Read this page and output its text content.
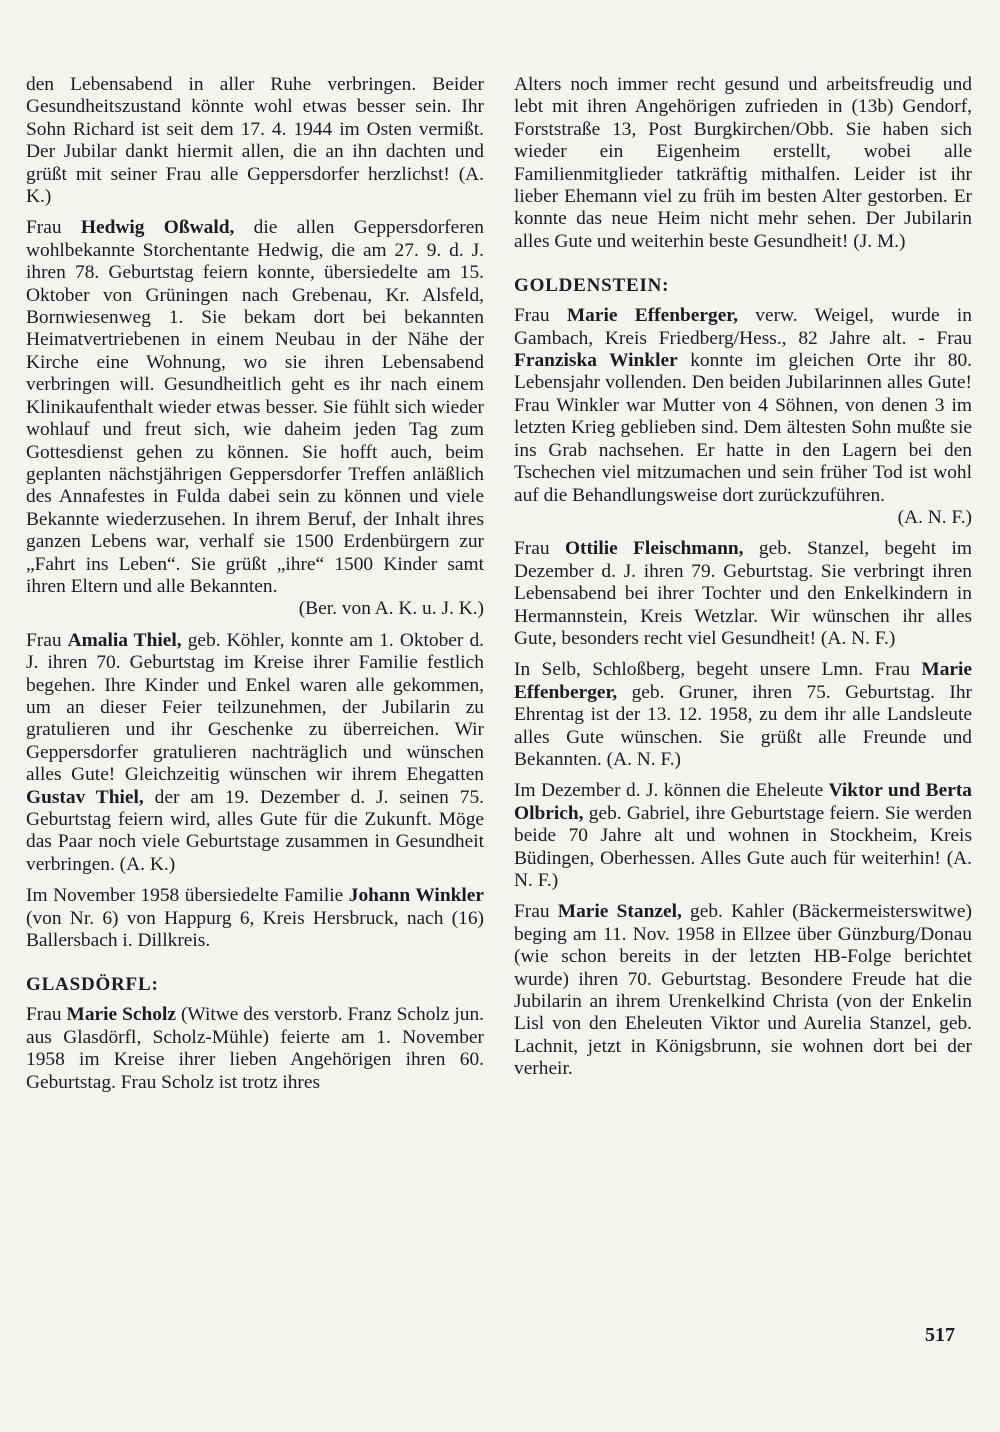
den Lebensabend in aller Ruhe verbringen. Beider Gesundheitszustand könnte wohl etwas besser sein. Ihr Sohn Richard ist seit dem 17. 4. 1944 im Osten vermißt. Der Jubilar dankt hiermit allen, die an ihn dachten und grüßt mit seiner Frau alle Geppersdorfer herzlichst! (A. K.)

Frau Hedwig Oßwald, die allen Geppersdorferen wohlbekannte Storchentante Hedwig, die am 27. 9. d. J. ihren 78. Geburtstag feiern konnte, übersiedelte am 15. Oktober von Grüningen nach Grebenau, Kr. Alsfeld, Bornwiesenweg 1. Sie bekam dort bei bekannten Heimatvertriebenen in einem Neubau in der Nähe der Kirche eine Wohnung, wo sie ihren Lebensabend verbringen will. Gesundheitlich geht es ihr nach einem Klinikaufenthalt wieder etwas besser. Sie fühlt sich wieder wohlauf und freut sich, wie daheim jeden Tag zum Gottesdienst gehen zu können. Sie hofft auch, beim geplanten nächstjährigen Geppersdorfer Treffen anläßlich des Annafestes in Fulda dabei sein zu können und viele Bekannte wiederzusehen. In ihrem Beruf, der Inhalt ihres ganzen Lebens war, verhalf sie 1500 Erdenbürgern zur „Fahrt ins Leben“. Sie grüßt „ihre“ 1500 Kinder samt ihren Eltern und alle Bekannten.
(Ber. von A. K. u. J. K.)

Frau Amalia Thiel, geb. Köhler, konnte am 1. Oktober d. J. ihren 70. Geburtstag im Kreise ihrer Familie festlich begehen. Ihre Kinder und Enkel waren alle gekommen, um an dieser Feier teilzunehmen, der Jubilarin zu gratulieren und ihr Geschenke zu überreichen. Wir Geppersdorfer gratulieren nachträglich und wünschen alles Gute! Gleichzeitig wünschen wir ihrem Ehegatten Gustav Thiel, der am 19. Dezember d. J. seinen 75. Geburtstag feiern wird, alles Gute für die Zukunft. Möge das Paar noch viele Geburtstage zusammen in Gesundheit verbringen. (A. K.)

Im November 1958 übersiedelte Familie Johann Winkler (von Nr. 6) von Happurg 6, Kreis Hersbruck, nach (16) Ballersbach i. Dillkreis.

GLASDÖRFL:

Frau Marie Scholz (Witwe des verstorb. Franz Scholz jun. aus Glasdörfl, Scholz-Mühle) feierte am 1. November 1958 im Kreise ihrer lieben Angehörigen ihren 60. Geburtstag. Frau Scholz ist trotz ihres

Alters noch immer recht gesund und arbeitsfreudig und lebt mit ihren Angehörigen zufrieden in (13b) Gendorf, Forststraße 13, Post Burgkirchen/Obb. Sie haben sich wieder ein Eigenheim erstellt, wobei alle Familienmitglieder tatkräftig mithalfen. Leider ist ihr lieber Ehemann viel zu früh im besten Alter gestorben. Er konnte das neue Heim nicht mehr sehen. Der Jubilarin alles Gute und weiterhin beste Gesundheit! (J. M.)

GOLDENSTEIN:

Frau Marie Effenberger, verw. Weigel, wurde in Gambach, Kreis Friedberg/Hess., 82 Jahre alt. - Frau Franziska Winkler konnte im gleichen Orte ihr 80. Lebensjahr vollenden. Den beiden Jubilarinnen alles Gute! Frau Winkler war Mutter von 4 Söhnen, von denen 3 im letzten Krieg geblieben sind. Dem ältesten Sohn mußte sie ins Grab nachsehen. Er hatte in den Lagern bei den Tschechen viel mitzumachen und sein früher Tod ist wohl auf die Behandlungsweise dort zurückzuführen.
(A. N. F.)

Frau Ottilie Fleischmann, geb. Stanzel, begeht im Dezember d. J. ihren 79. Geburtstag. Sie verbringt ihren Lebensabend bei ihrer Tochter und den Enkelkindern in Hermannstein, Kreis Wetzlar. Wir wünschen ihr alles Gute, besonders recht viel Gesundheit! (A. N. F.)

In Selb, Schloßberg, begeht unsere Lmn. Frau Marie Effenberger, geb. Gruner, ihren 75. Geburtstag. Ihr Ehrentag ist der 13. 12. 1958, zu dem ihr alle Landsleute alles Gute wünschen. Sie grüßt alle Freunde und Bekannten. (A. N. F.)

Im Dezember d. J. können die Eheleute Viktor und Berta Olbrich, geb. Gabriel, ihre Geburtstage feiern. Sie werden beide 70 Jahre alt und wohnen in Stockheim, Kreis Büdingen, Oberhessen. Alles Gute auch für weiterhin! (A. N. F.)

Frau Marie Stanzel, geb. Kahler (Bäckermeisterswitwe) beging am 11. Nov. 1958 in Ellzee über Günzburg/Donau (wie schon bereits in der letzten HB-Folge berichtet wurde) ihren 70. Geburtstag. Besondere Freude hat die Jubilarin an ihrem Urenkelkind Christa (von der Enkelin Lisl von den Eheleuten Viktor und Aurelia Stanzel, geb. Lachnit, jetzt in Königsbrunn, sie wohnen dort bei der verheir.

517
